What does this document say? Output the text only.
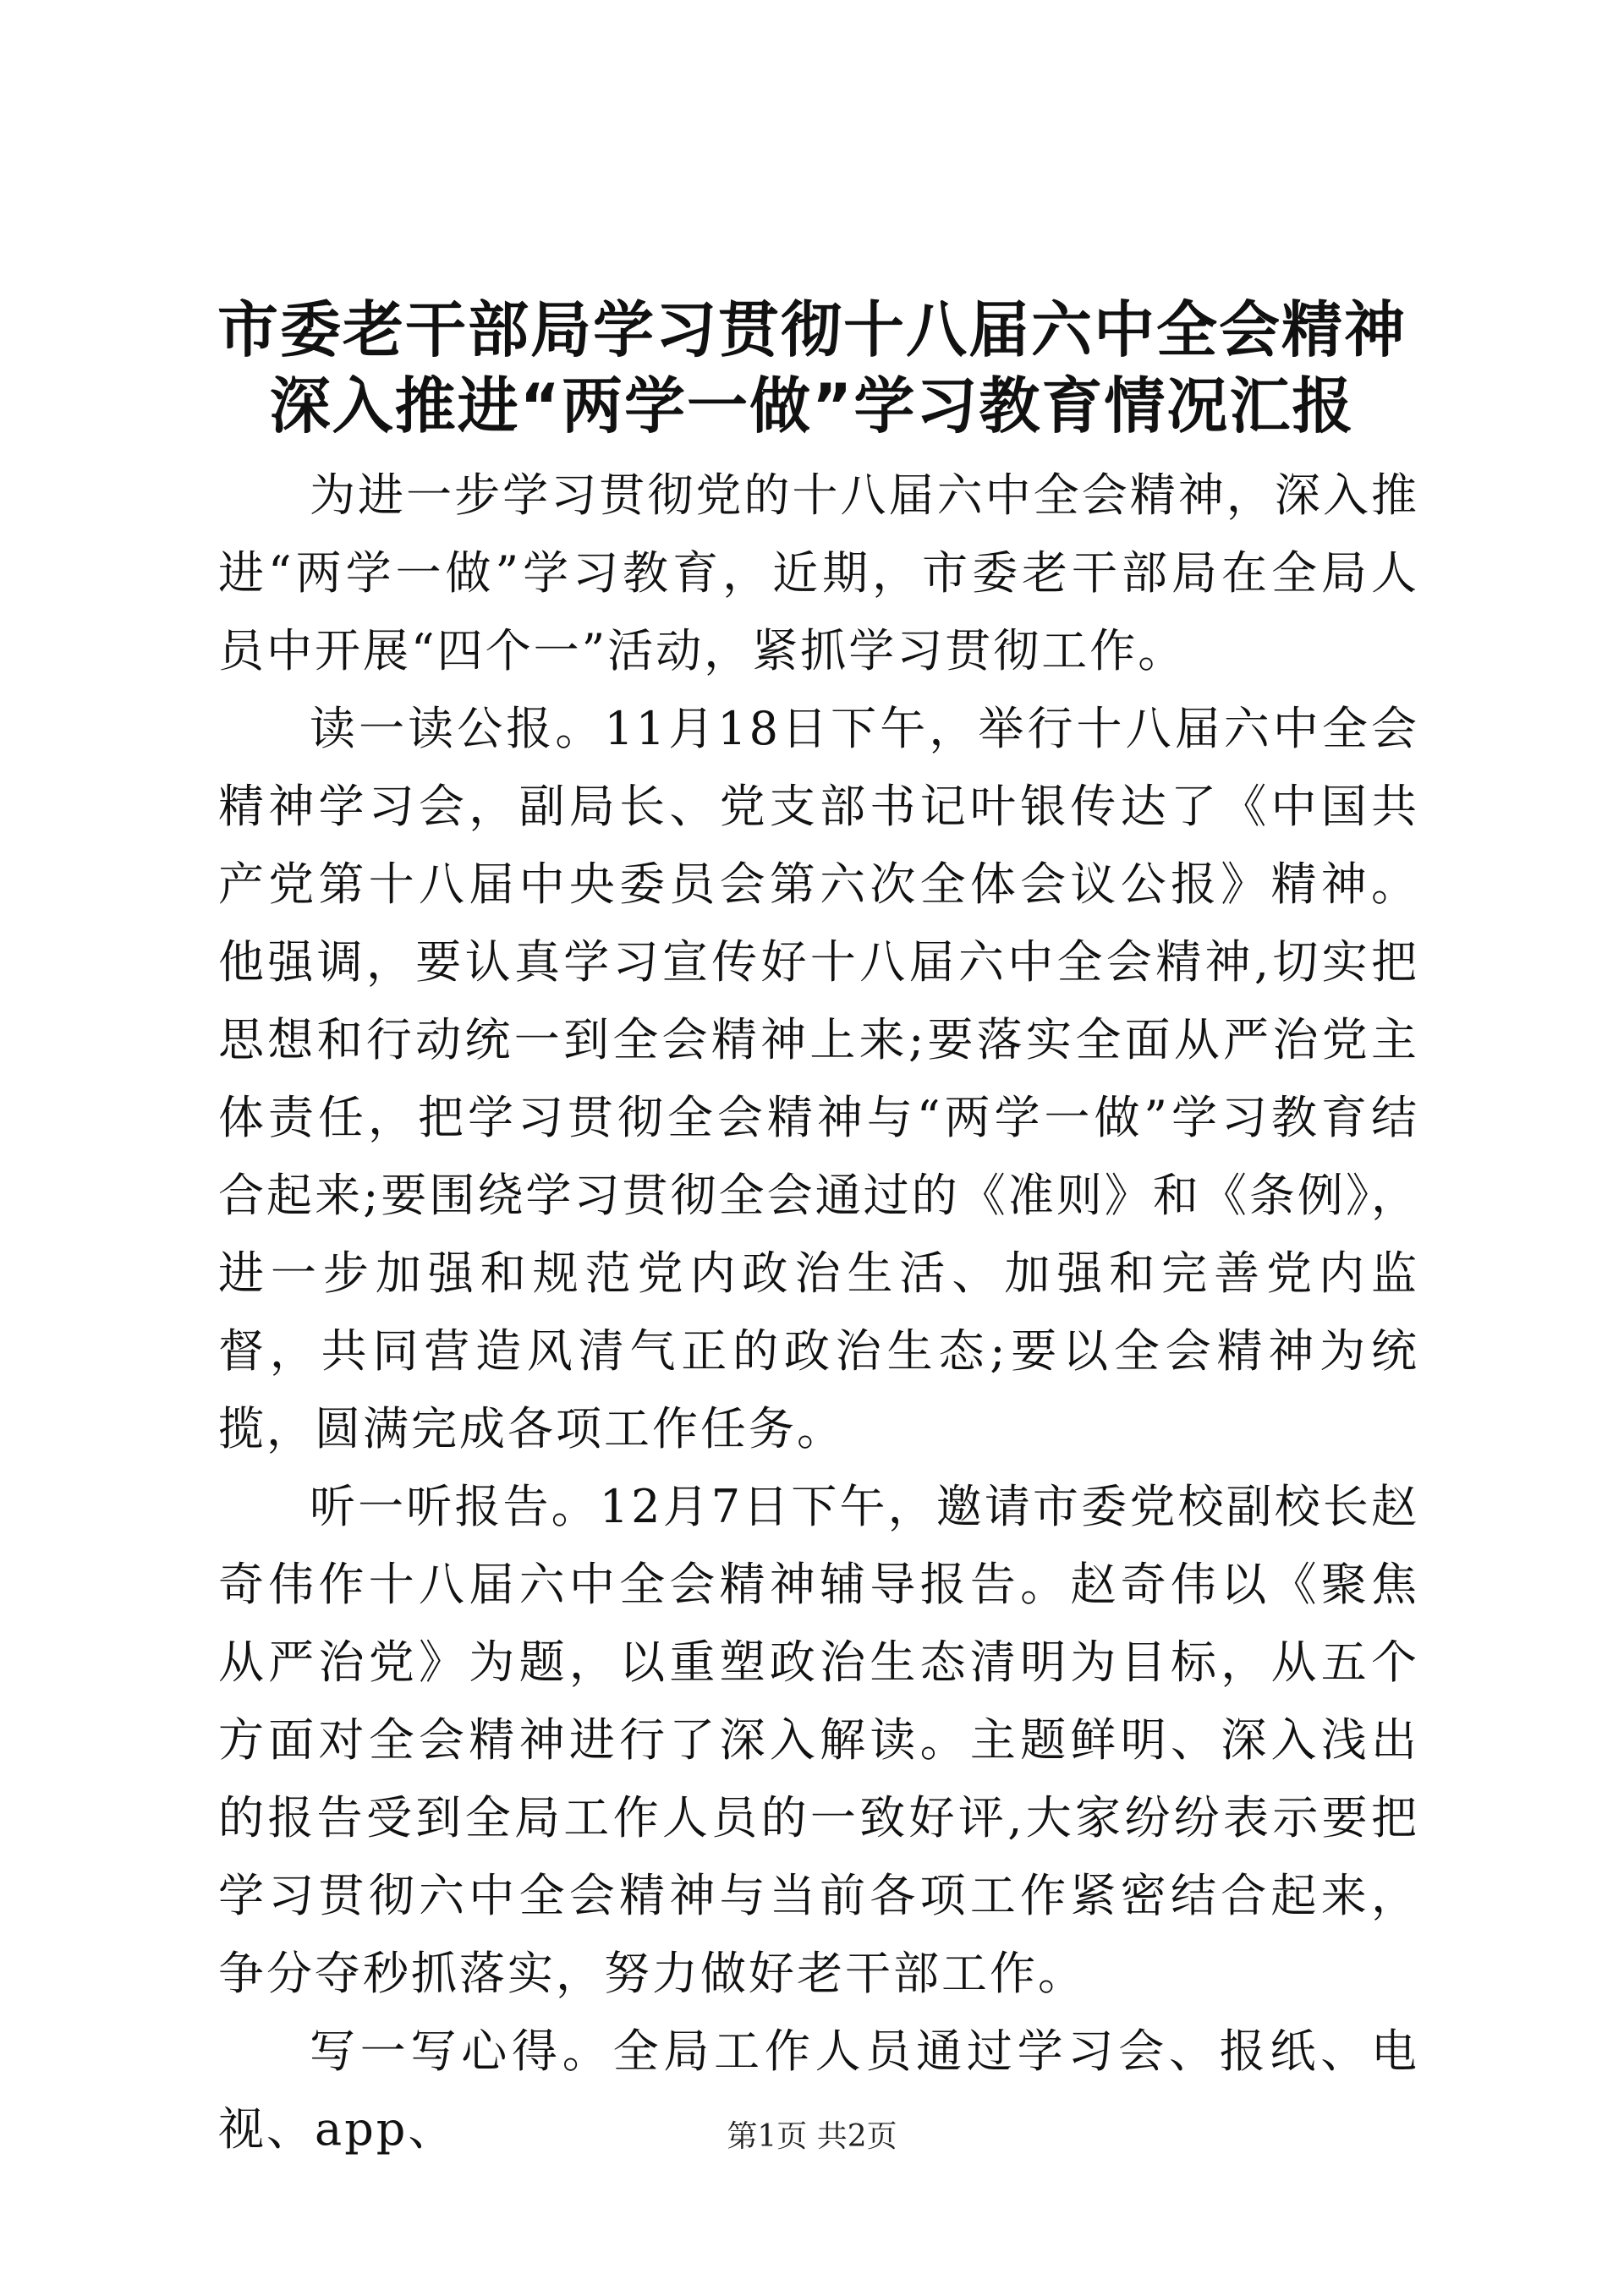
市委老干部局学习贯彻十八届六中全会精神深入推进“两学一做”学习教育情况汇报

为进一步学习贯彻党的十八届六中全会精神，深入推进“两学一做”学习教育，近期，市委老干部局在全局人员中开展“四个一”活动，紧抓学习贯彻工作。

读一读公报。11月18日下午，举行十八届六中全会精神学习会，副局长、党支部书记叶银传达了《中国共产党第十八届中央委员会第六次全体会议公报》精神。他强调，要认真学习宣传好十八届六中全会精神,切实把思想和行动统一到全会精神上来;要落实全面从严治党主体责任，把学习贯彻全会精神与“两学一做”学习教育结合起来;要围绕学习贯彻全会通过的《准则》和《条例》，进一步加强和规范党内政治生活、加强和完善党内监督，共同营造风清气正的政治生态;要以全会精神为统揽，圆满完成各项工作任务。

听一听报告。12月7日下午，邀请市委党校副校长赵奇伟作十八届六中全会精神辅导报告。赵奇伟以《聚焦从严治党》为题，以重塑政治生态清明为目标，从五个方面对全会精神进行了深入解读。主题鲜明、深入浅出的报告受到全局工作人员的一致好评,大家纷纷表示要把学习贯彻六中全会精神与当前各项工作紧密结合起来，争分夺秒抓落实，努力做好老干部工作。

写一写心得。全局工作人员通过学习会、报纸、电视、app、	第1页 共2页
